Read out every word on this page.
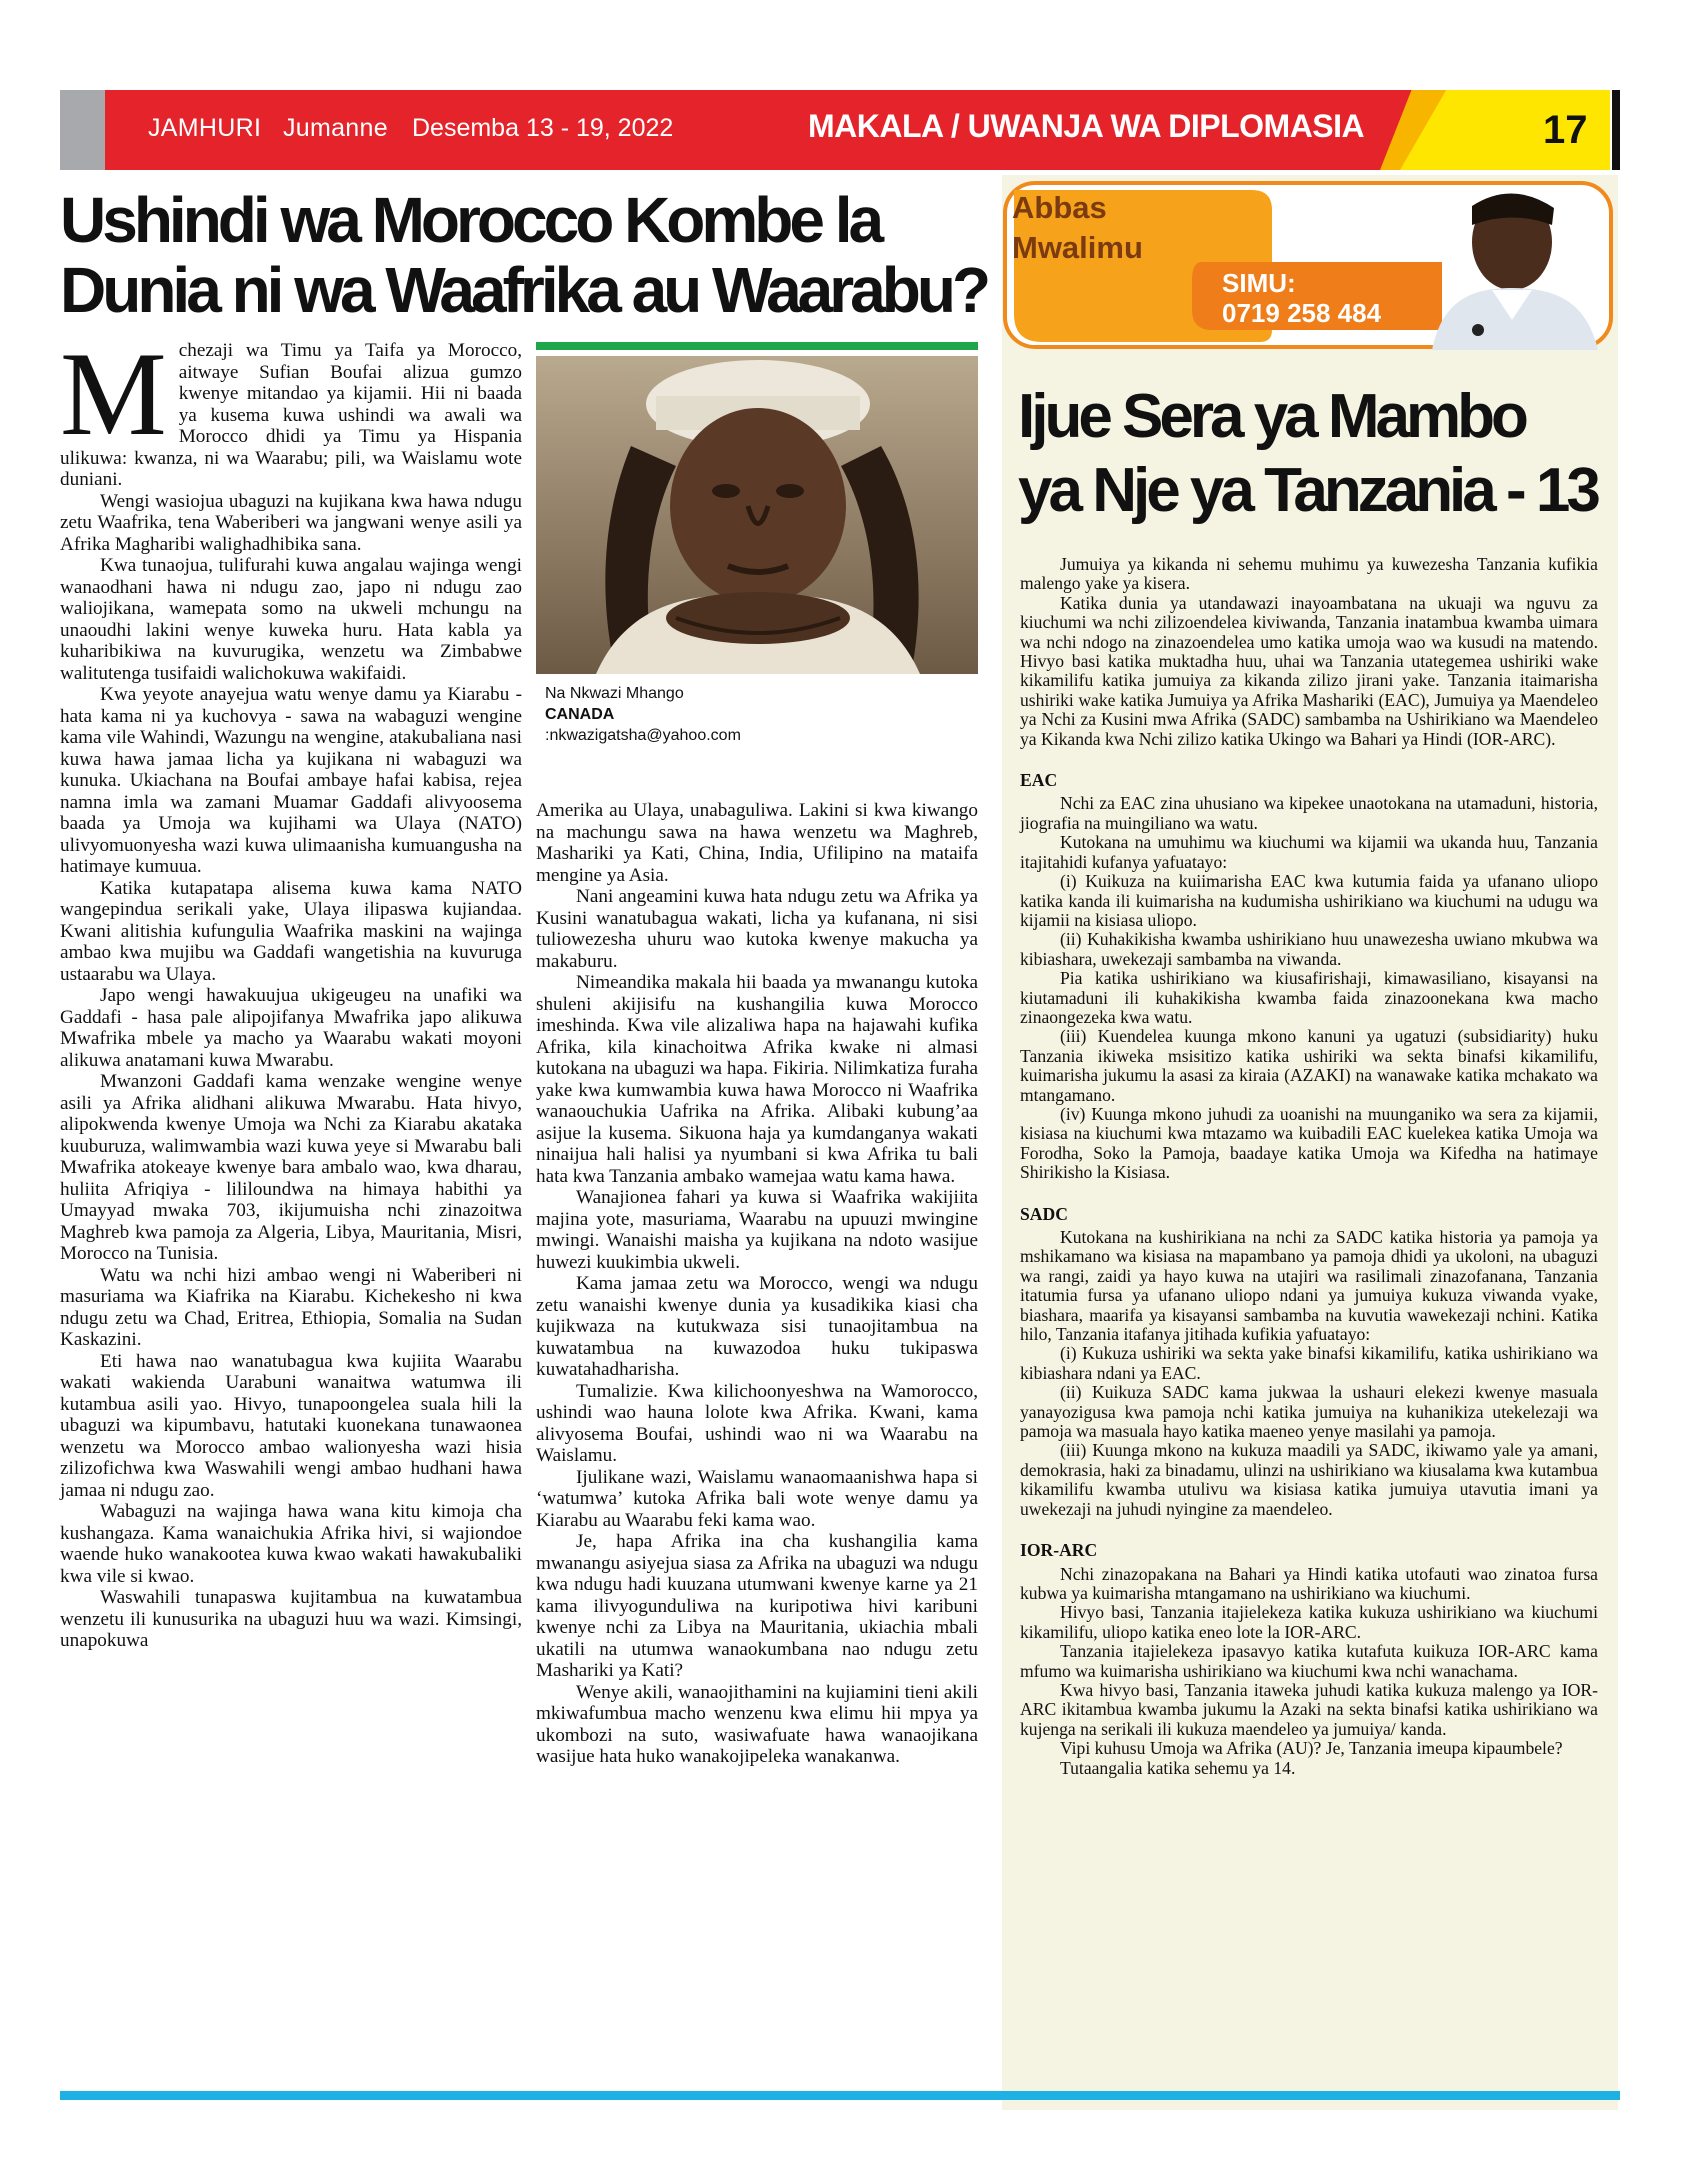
JAMHURI Jumanne Desemba 13 - 19, 2022	MAKALA / UWANJA WA DIPLOMASIA	17
Ushindi wa Morocco Kombe la Dunia ni wa Waafrika au Waarabu?

Mchezaji wa Timu ya Taifa ya Morocco, aitwaye Sufian Boufai alizua gumzo kwenye mitandao ya kijamii. Hii ni baada ya kusema kuwa ushindi wa awali wa Morocco dhidi ya Timu ya Hispania ulikuwa: kwanza, ni wa Waarabu; pili, wa Waislamu wote duniani.

Wengi wasiojua ubaguzi na kujikana kwa hawa ndugu zetu Waafrika, tena Waberiberi wa jangwani wenye asili ya Afrika Magharibi walighadhibika sana.

Kwa tunaojua, tulifurahi kuwa angalau wajinga wengi wanaodhani hawa ni ndugu zao, japo ni ndugu zao waliojikana, wamepata somo na ukweli mchungu na unaoudhi lakini wenye kuweka huru. Hata kabla ya kuharibikiwa na kuvurugika, wenzetu wa Zimbabwe walitutenga tusifaidi walichokuwa wakifaidi.

Kwa yeyote anayejua watu wenye damu ya Kiarabu - hata kama ni ya kuchovya - sawa na wabaguzi wengine kama vile Wahindi, Wazungu na wengine, atakubaliana nasi kuwa hawa jamaa licha ya kujikana ni wabaguzi wa kunuka. Ukiachana na Boufai ambaye hafai kabisa, rejea namna imla wa zamani Muamar Gaddafi alivyoosema baada ya Umoja wa kujihami wa Ulaya (NATO) ulivyomuonyesha wazi kuwa ulimaanisha kumuangusha na hatimaye kumuua.

Katika kutapatapa alisema kuwa kama NATO wangepindua serikali yake, Ulaya ilipaswa kujiandaa. Kwani alitishia kufungulia Waafrika maskini na wajinga ambao kwa mujibu wa Gaddafi wangetishia na kuvuruga ustaarabu wa Ulaya.

Japo wengi hawakuujua ukigeugeu na unafiki wa Gaddafi - hasa pale alipojifanya Mwafrika japo alikuwa Mwafrika mbele ya macho ya Waarabu wakati moyoni alikuwa anatamani kuwa Mwarabu.

Mwanzoni Gaddafi kama wenzake wengine wenye asili ya Afrika alidhani alikuwa Mwarabu. Hata hivyo, alipokwenda kwenye Umoja wa Nchi za Kiarabu akataka kuuburuza, walimwambia wazi kuwa yeye si Mwarabu bali Mwafrika atokeaye kwenye bara ambalo wao, kwa dharau, huliita Afriqiya - lililoundwa na himaya habithi ya Umayyad mwaka 703, ikijumuisha nchi zinazoitwa Maghreb kwa pamoja za Algeria, Libya, Mauritania, Misri, Morocco na Tunisia.

Watu wa nchi hizi ambao wengi ni Waberiberi ni masuriama wa Kiafrika na Kiarabu. Kichekesho ni kwa ndugu zetu wa Chad, Eritrea, Ethiopia, Somalia na Sudan Kaskazini.

Eti hawa nao wanatubagua kwa kujiita Waarabu wakati wakienda Uarabuni wanaitwa watumwa ili kutambua asili yao. Hivyo, tunapoongelea suala hili la ubaguzi wa kipumbavu, hatutaki kuonekana tunawaonea wenzetu wa Morocco ambao walionyesha wazi hisia zilizofichwa kwa Waswahili wengi ambao hudhani hawa jamaa ni ndugu zao.

Wabaguzi na wajinga hawa wana kitu kimoja cha kushangaza. Kama wanaichukia Afrika hivi, si wajiondoe waende huko wanakootea kuwa kwao wakati hawakubaliki kwa vile si kwao.

Waswahili tunapaswa kujitambua na kuwatambua wenzetu ili kunusurika na ubaguzi huu wa wazi. Kimsingi, unapokuwa

Na Nkwazi Mhango
CANADA
:nkwazigatsha@yahoo.com

Amerika au Ulaya, unabaguliwa. Lakini si kwa kiwango na machungu sawa na hawa wenzetu wa Maghreb, Mashariki ya Kati, China, India, Ufilipino na mataifa mengine ya Asia.

Nani angeamini kuwa hata ndugu zetu wa Afrika ya Kusini wanatubagua wakati, licha ya kufanana, ni sisi tuliowezesha uhuru wao kutoka kwenye makucha ya makaburu.

Nimeandika makala hii baada ya mwanangu kutoka shuleni akijisifu na kushangilia kuwa Morocco imeshinda. Kwa vile alizaliwa hapa na hajawahi kufika Afrika, kila kinachoitwa Afrika kwake ni almasi kutokana na ubaguzi wa hapa. Fikiria. Nilimkatiza furaha yake kwa kumwambia kuwa hawa Morocco ni Waafrika wanaouchukia Uafrika na Afrika. Alibaki kubung’aa asijue la kusema. Sikuona haja ya kumdanganya wakati ninaijua hali halisi ya nyumbani si kwa Afrika tu bali hata kwa Tanzania ambako wamejaa watu kama hawa.

Wanajionea fahari ya kuwa si Waafrika wakijiita majina yote, masuriama, Waarabu na upuuzi mwingine mwingi. Wanaishi maisha ya kujikana na ndoto wasijue huwezi kuukimbia ukweli.

Kama jamaa zetu wa Morocco, wengi wa ndugu zetu wanaishi kwenye dunia ya kusadikika kiasi cha kujikwaza na kutukwaza sisi tunaojitambua na kuwatambua na kuwazodoa huku tukipaswa kuwatahadharisha.

Tumalizie. Kwa kilichoonyeshwa na Wamorocco, ushindi wao hauna lolote kwa Afrika. Kwani, kama alivyosema Boufai, ushindi wao ni wa Waarabu na Waislamu.

Ijulikane wazi, Waislamu wanaomaanishwa hapa si ‘watumwa’ kutoka Afrika bali wote wenye damu ya Kiarabu au Waarabu feki kama wao.

Je, hapa Afrika ina cha kushangilia kama mwanangu asiyejua siasa za Afrika na ubaguzi wa ndugu kwa ndugu hadi kuuzana utumwani kwenye karne ya 21 kama ilivyogunduliwa na kuripotiwa hivi karibuni kwenye nchi za Libya na Mauritania, ukiachia mbali ukatili na utumwa wanaokumbana nao ndugu zetu Mashariki ya Kati?

Wenye akili, wanaojithamini na kujiamini tieni akili mkiwafumbua macho wenzenu kwa elimu hii mpya ya ukombozi na suto, wasiwafuate hawa wanaojikana wasijue hata huko wanakojipeleka wanakanwa.

Abbas Mwalimu
SIMU:
0719 258 484
Ijue Sera ya Mambo ya Nje ya Tanzania - 13

Jumuiya ya kikanda ni sehemu muhimu ya kuwezesha Tanzania kufikia malengo yake ya kisera.

Katika dunia ya utandawazi inayoambatana na ukuaji wa nguvu za kiuchumi wa nchi zilizoendelea kiviwanda, Tanzania inatambua kwamba uimara wa nchi ndogo na zinazoendelea umo katika umoja wao wa kusudi na matendo. Hivyo basi katika muktadha huu, uhai wa Tanzania utategemea ushiriki wake kikamilifu katika jumuiya za kikanda zilizo jirani yake. Tanzania itaimarisha ushiriki wake katika Jumuiya ya Afrika Mashariki (EAC), Jumuiya ya Maendeleo ya Nchi za Kusini mwa Afrika (SADC) sambamba na Ushirikiano wa Maendeleo ya Kikanda kwa Nchi zilizo katika Ukingo wa Bahari ya Hindi (IOR-ARC).

EAC

Nchi za EAC zina uhusiano wa kipekee unaotokana na utamaduni, historia, jiografia na muingiliano wa watu.

Kutokana na umuhimu wa kiuchumi wa kijamii wa ukanda huu, Tanzania itajitahidi kufanya yafuatayo:

(i) Kuikuza na kuiimarisha EAC kwa kutumia faida ya ufanano uliopo katika kanda ili kuimarisha na kudumisha ushirikiano wa kiuchumi na udugu wa kijamii na kisiasa uliopo.

(ii) Kuhakikisha kwamba ushirikiano huu unawezesha uwiano mkubwa wa kibiashara, uwekezaji sambamba na viwanda.

Pia katika ushirikiano wa kiusafirishaji, kimawasiliano, kisayansi na kiutamaduni ili kuhakikisha kwamba faida zinazoonekana kwa macho zinaongezeka kwa watu.

(iii) Kuendelea kuunga mkono kanuni ya ugatuzi (subsidiarity) huku Tanzania ikiweka msisitizo katika ushiriki wa sekta binafsi kikamilifu, kuimarisha jukumu la asasi za kiraia (AZAKI) na wanawake katika mchakato wa mtangamano.

(iv) Kuunga mkono juhudi za uoanishi na muunganiko wa sera za kijamii, kisiasa na kiuchumi kwa mtazamo wa kuibadili EAC kuelekea katika Umoja wa Forodha, Soko la Pamoja, baadaye katika Umoja wa Kifedha na hatimaye Shirikisho la Kisiasa.

SADC

Kutokana na kushirikiana na nchi za SADC katika historia ya pamoja ya mshikamano wa kisiasa na mapambano ya pamoja dhidi ya ukoloni, na ubaguzi wa rangi, zaidi ya hayo kuwa na utajiri wa rasilimali zinazofanana, Tanzania itatumia fursa ya ufanano uliopo ndani ya jumuiya kukuza viwanda vyake, biashara, maarifa ya kisayansi sambamba na kuvutia wawekezaji nchini. Katika hilo, Tanzania itafanya jitihada kufikia yafuatayo:

(i) Kukuza ushiriki wa sekta yake binafsi kikamilifu, katika ushirikiano wa kibiashara ndani ya EAC.

(ii) Kuikuza SADC kama jukwaa la ushauri elekezi kwenye masuala yanayozigusa kwa pamoja nchi katika jumuiya na kuhanikiza utekelezaji wa pamoja wa masuala hayo katika maeneo yenye masilahi ya pamoja.

(iii) Kuunga mkono na kukuza maadili ya SADC, ikiwamo yale ya amani, demokrasia, haki za binadamu, ulinzi na ushirikiano wa kiusalama kwa kutambua kikamilifu kwamba utulivu wa kisiasa katika jumuiya utavutia imani ya uwekezaji na juhudi nyingine za maendeleo.

IOR-ARC

Nchi zinazopakana na Bahari ya Hindi katika utofauti wao zinatoa fursa kubwa ya kuimarisha mtangamano na ushirikiano wa kiuchumi.

Hivyo basi, Tanzania itajielekeza katika kukuza ushirikiano wa kiuchumi kikamilifu, uliopo katika eneo lote la IOR-ARC.

Tanzania itajielekeza ipasavyo katika kutafuta kuikuza IOR-ARC kama mfumo wa kuimarisha ushirikiano wa kiuchumi kwa nchi wanachama.

Kwa hivyo basi, Tanzania itaweka juhudi katika kukuza malengo ya IOR-ARC ikitambua kwamba jukumu la Azaki na sekta binafsi katika ushirikiano wa kujenga na serikali ili kukuza maendeleo ya jumuiya/ kanda.

Vipi kuhusu Umoja wa Afrika (AU)? Je, Tanzania imeupa kipaumbele?

Tutaangalia katika sehemu ya 14.
